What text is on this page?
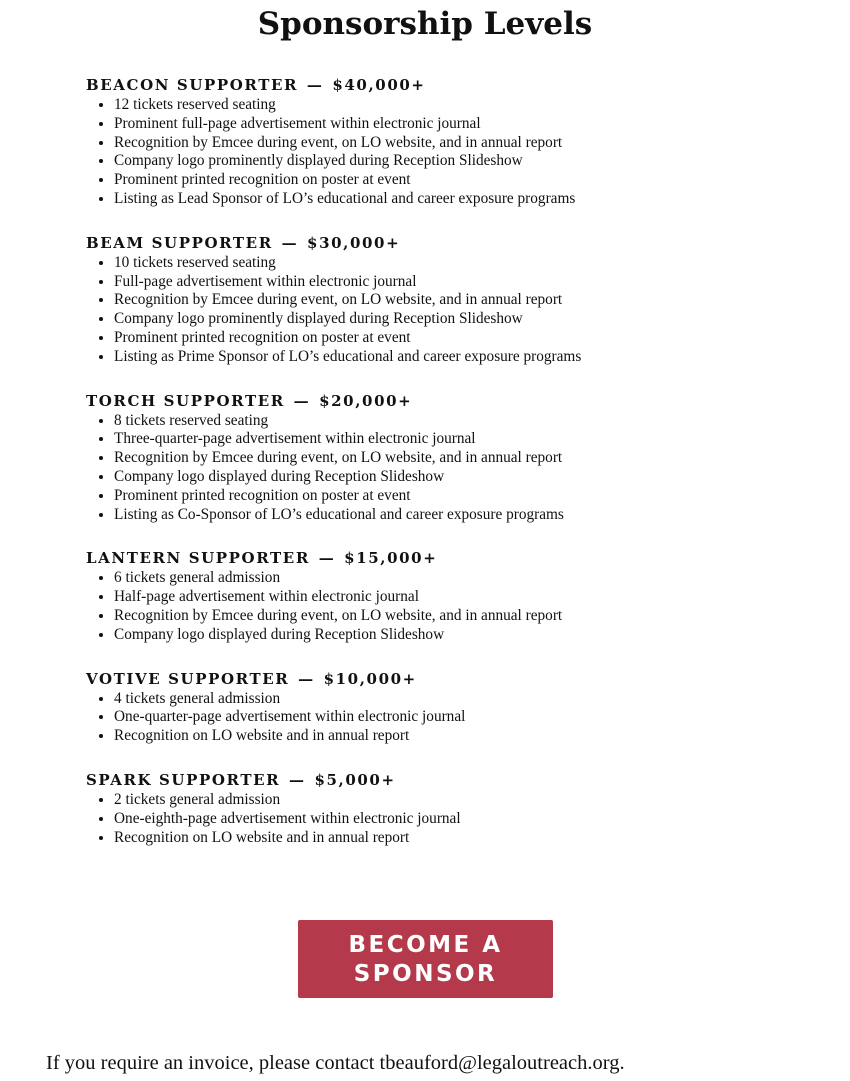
Sponsorship Levels
BEACON SUPPORTER — $40,000+
• 12 tickets reserved seating
• Prominent full-page advertisement within electronic journal
• Recognition by Emcee during event, on LO website, and in annual report
• Company logo prominently displayed during Reception Slideshow
• Prominent printed recognition on poster at event
• Listing as Lead Sponsor of LO’s educational and career exposure programs
BEAM SUPPORTER — $30,000+
• 10 tickets reserved seating
• Full-page advertisement within electronic journal
• Recognition by Emcee during event, on LO website, and in annual report
• Company logo prominently displayed during Reception Slideshow
• Prominent printed recognition on poster at event
• Listing as Prime Sponsor of LO’s educational and career exposure programs
TORCH SUPPORTER — $20,000+
• 8 tickets reserved seating
• Three-quarter-page advertisement within electronic journal
• Recognition by Emcee during event, on LO website, and in annual report
• Company logo displayed during Reception Slideshow
• Prominent printed recognition on poster at event
• Listing as Co-Sponsor of LO’s educational and career exposure programs
LANTERN SUPPORTER — $15,000+
• 6 tickets general admission
• Half-page advertisement within electronic journal
• Recognition by Emcee during event, on LO website, and in annual report
• Company logo displayed during Reception Slideshow
VOTIVE SUPPORTER — $10,000+
• 4 tickets general admission
• One-quarter-page advertisement within electronic journal
• Recognition on LO website and in annual report
SPARK SUPPORTER — $5,000+
• 2 tickets general admission
• One-eighth-page advertisement within electronic journal
• Recognition on LO website and in annual report
BECOME A
SPONSOR

If you require an invoice, please contact tbeauford@legaloutreach.org.
